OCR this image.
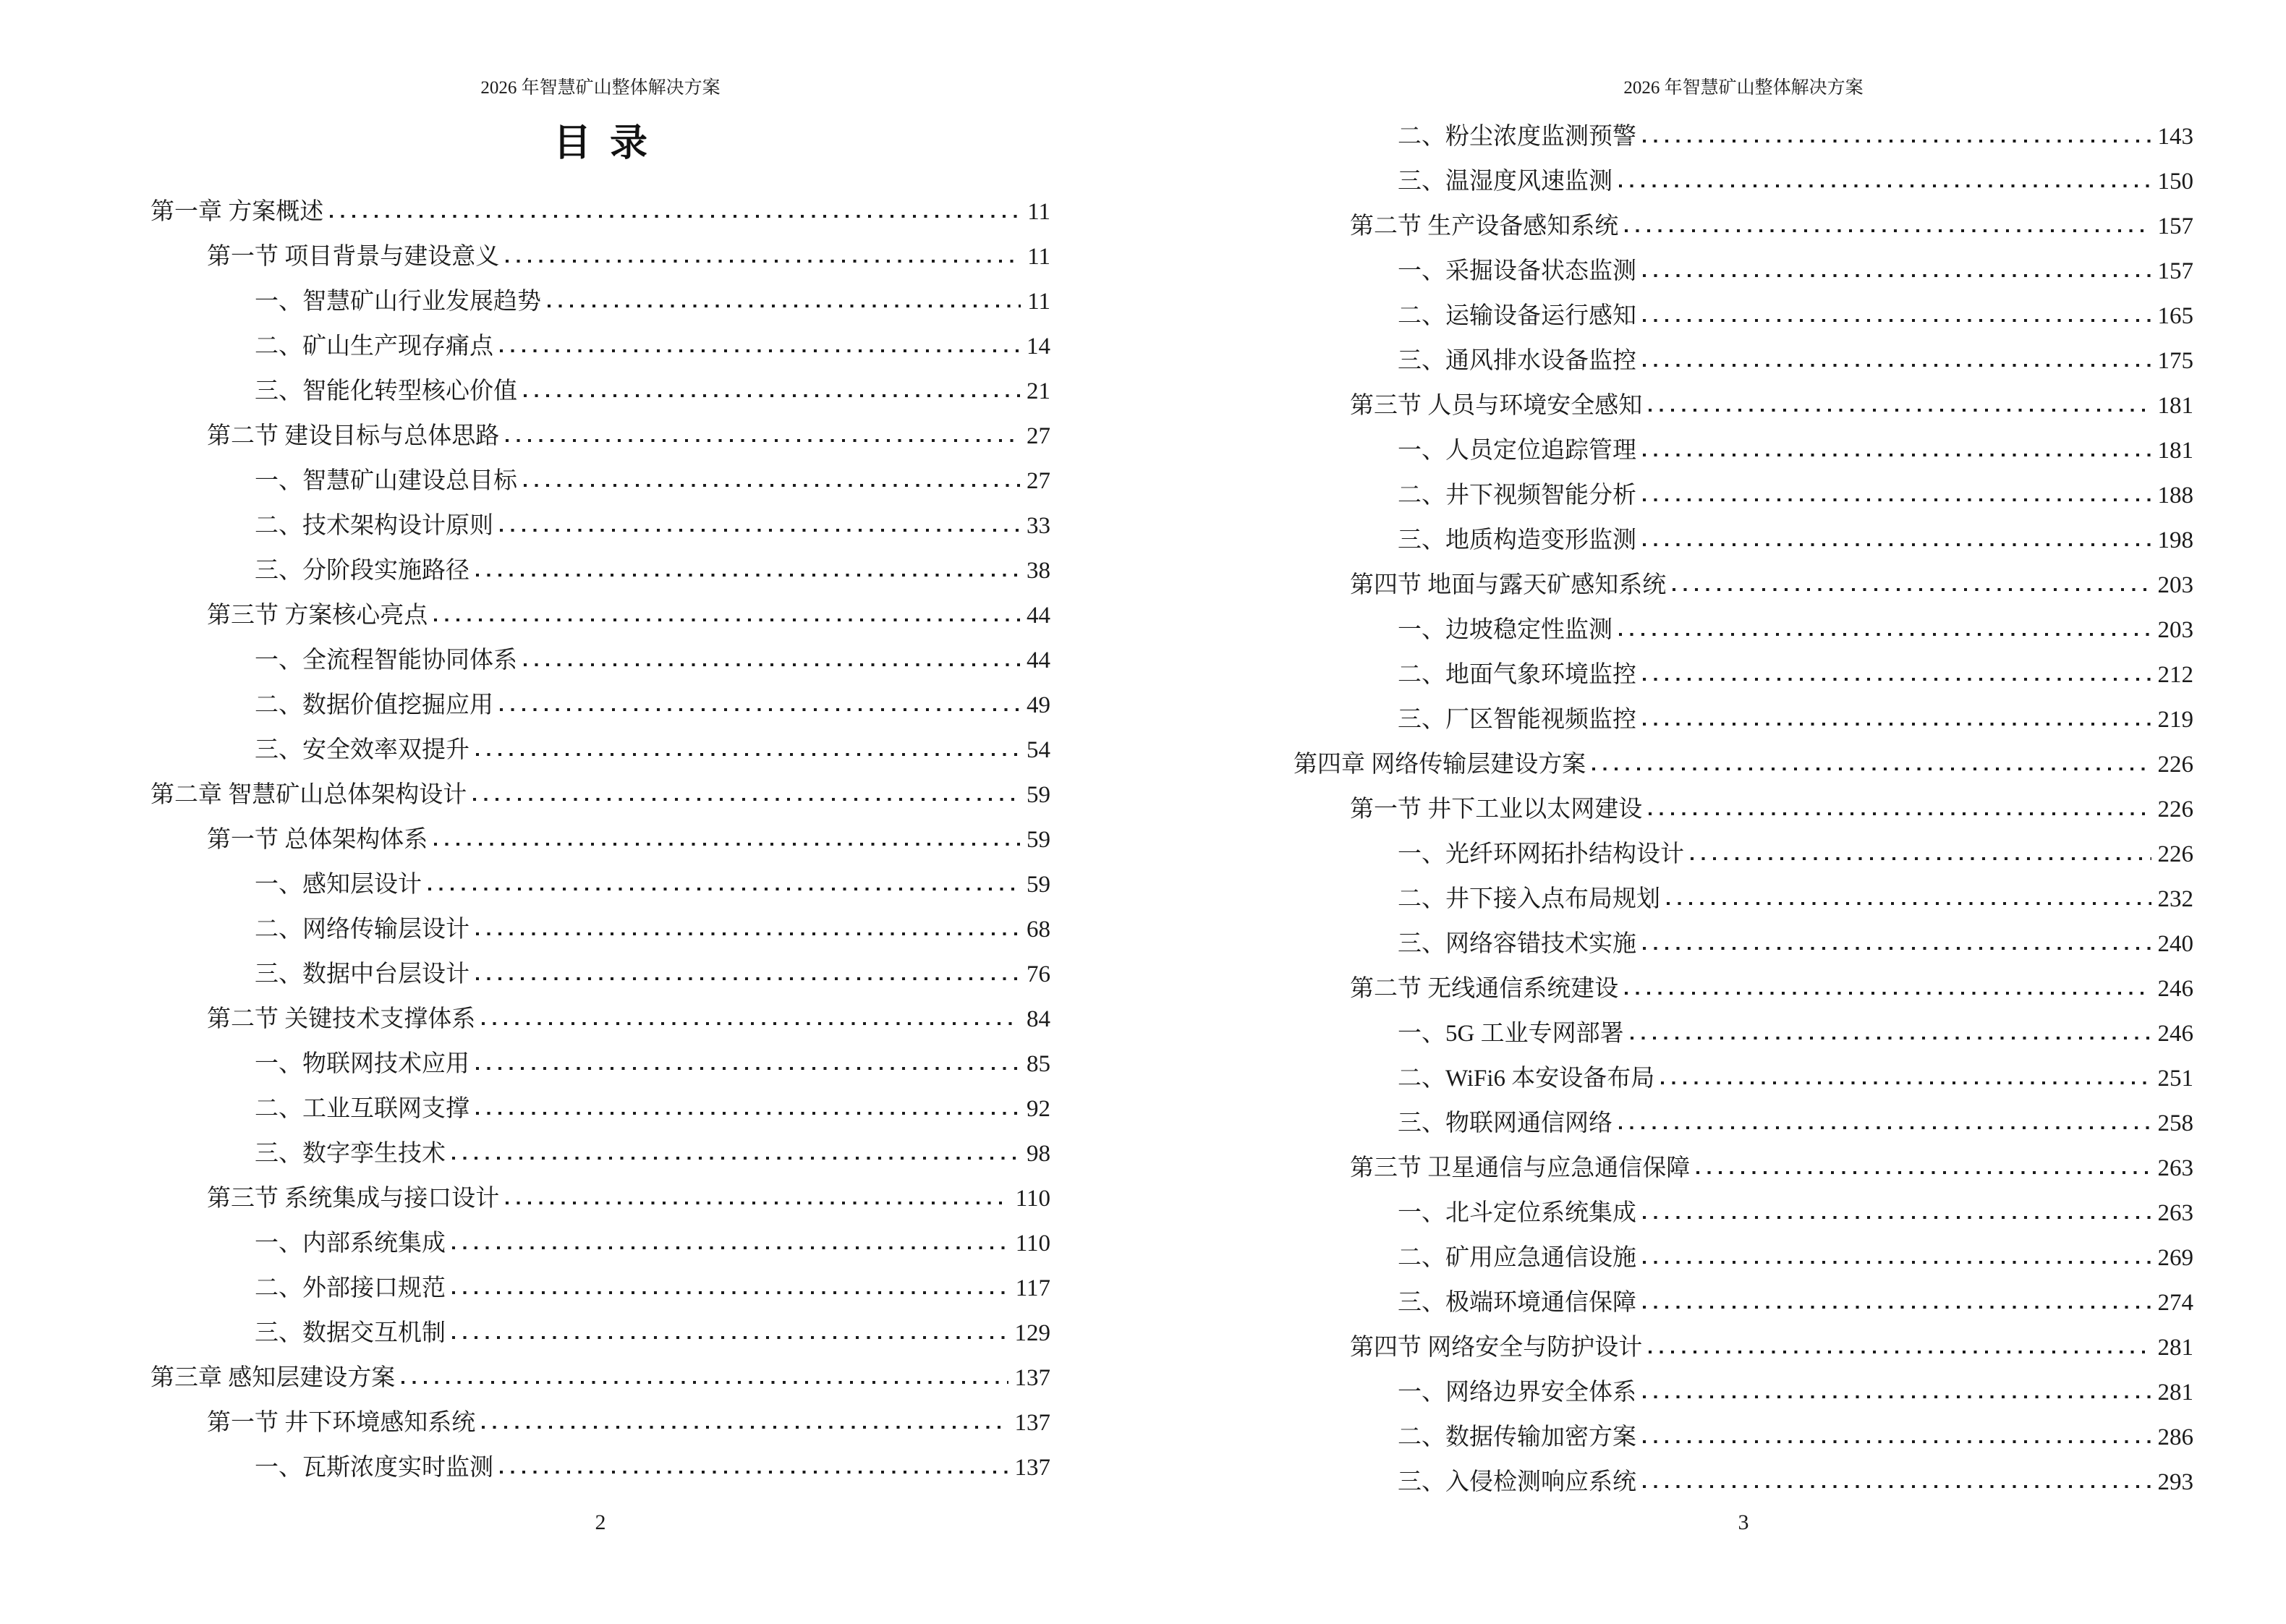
2026 年智慧矿山整体解决方案
目  录
第一章 方案概述	11
第一节 项目背景与建设意义	11
一、智慧矿山行业发展趋势	11
二、矿山生产现存痛点	14
三、智能化转型核心价值	21
第二节 建设目标与总体思路	27
一、智慧矿山建设总目标	27
二、技术架构设计原则	33
三、分阶段实施路径	38
第三节 方案核心亮点	44
一、全流程智能协同体系	44
二、数据价值挖掘应用	49
三、安全效率双提升	54
第二章 智慧矿山总体架构设计	59
第一节 总体架构体系	59
一、感知层设计	59
二、网络传输层设计	68
三、数据中台层设计	76
第二节 关键技术支撑体系	84
一、物联网技术应用	85
二、工业互联网支撑	92
三、数字孪生技术	98
第三节 系统集成与接口设计	110
一、内部系统集成	110
二、外部接口规范	117
三、数据交互机制	129
第三章 感知层建设方案	137
第一节 井下环境感知系统	137
一、瓦斯浓度实时监测	137
2
2026 年智慧矿山整体解决方案
二、粉尘浓度监测预警	143
三、温湿度风速监测	150
第二节 生产设备感知系统	157
一、采掘设备状态监测	157
二、运输设备运行感知	165
三、通风排水设备监控	175
第三节 人员与环境安全感知	181
一、人员定位追踪管理	181
二、井下视频智能分析	188
三、地质构造变形监测	198
第四节 地面与露天矿感知系统	203
一、边坡稳定性监测	203
二、地面气象环境监控	212
三、厂区智能视频监控	219
第四章 网络传输层建设方案	226
第一节 井下工业以太网建设	226
一、光纤环网拓扑结构设计	226
二、井下接入点布局规划	232
三、网络容错技术实施	240
第二节 无线通信系统建设	246
一、5G 工业专网部署	246
二、WiFi6 本安设备布局	251
三、物联网通信网络	258
第三节 卫星通信与应急通信保障	263
一、北斗定位系统集成	263
二、矿用应急通信设施	269
三、极端环境通信保障	274
第四节 网络安全与防护设计	281
一、网络边界安全体系	281
二、数据传输加密方案	286
三、入侵检测响应系统	293
3
